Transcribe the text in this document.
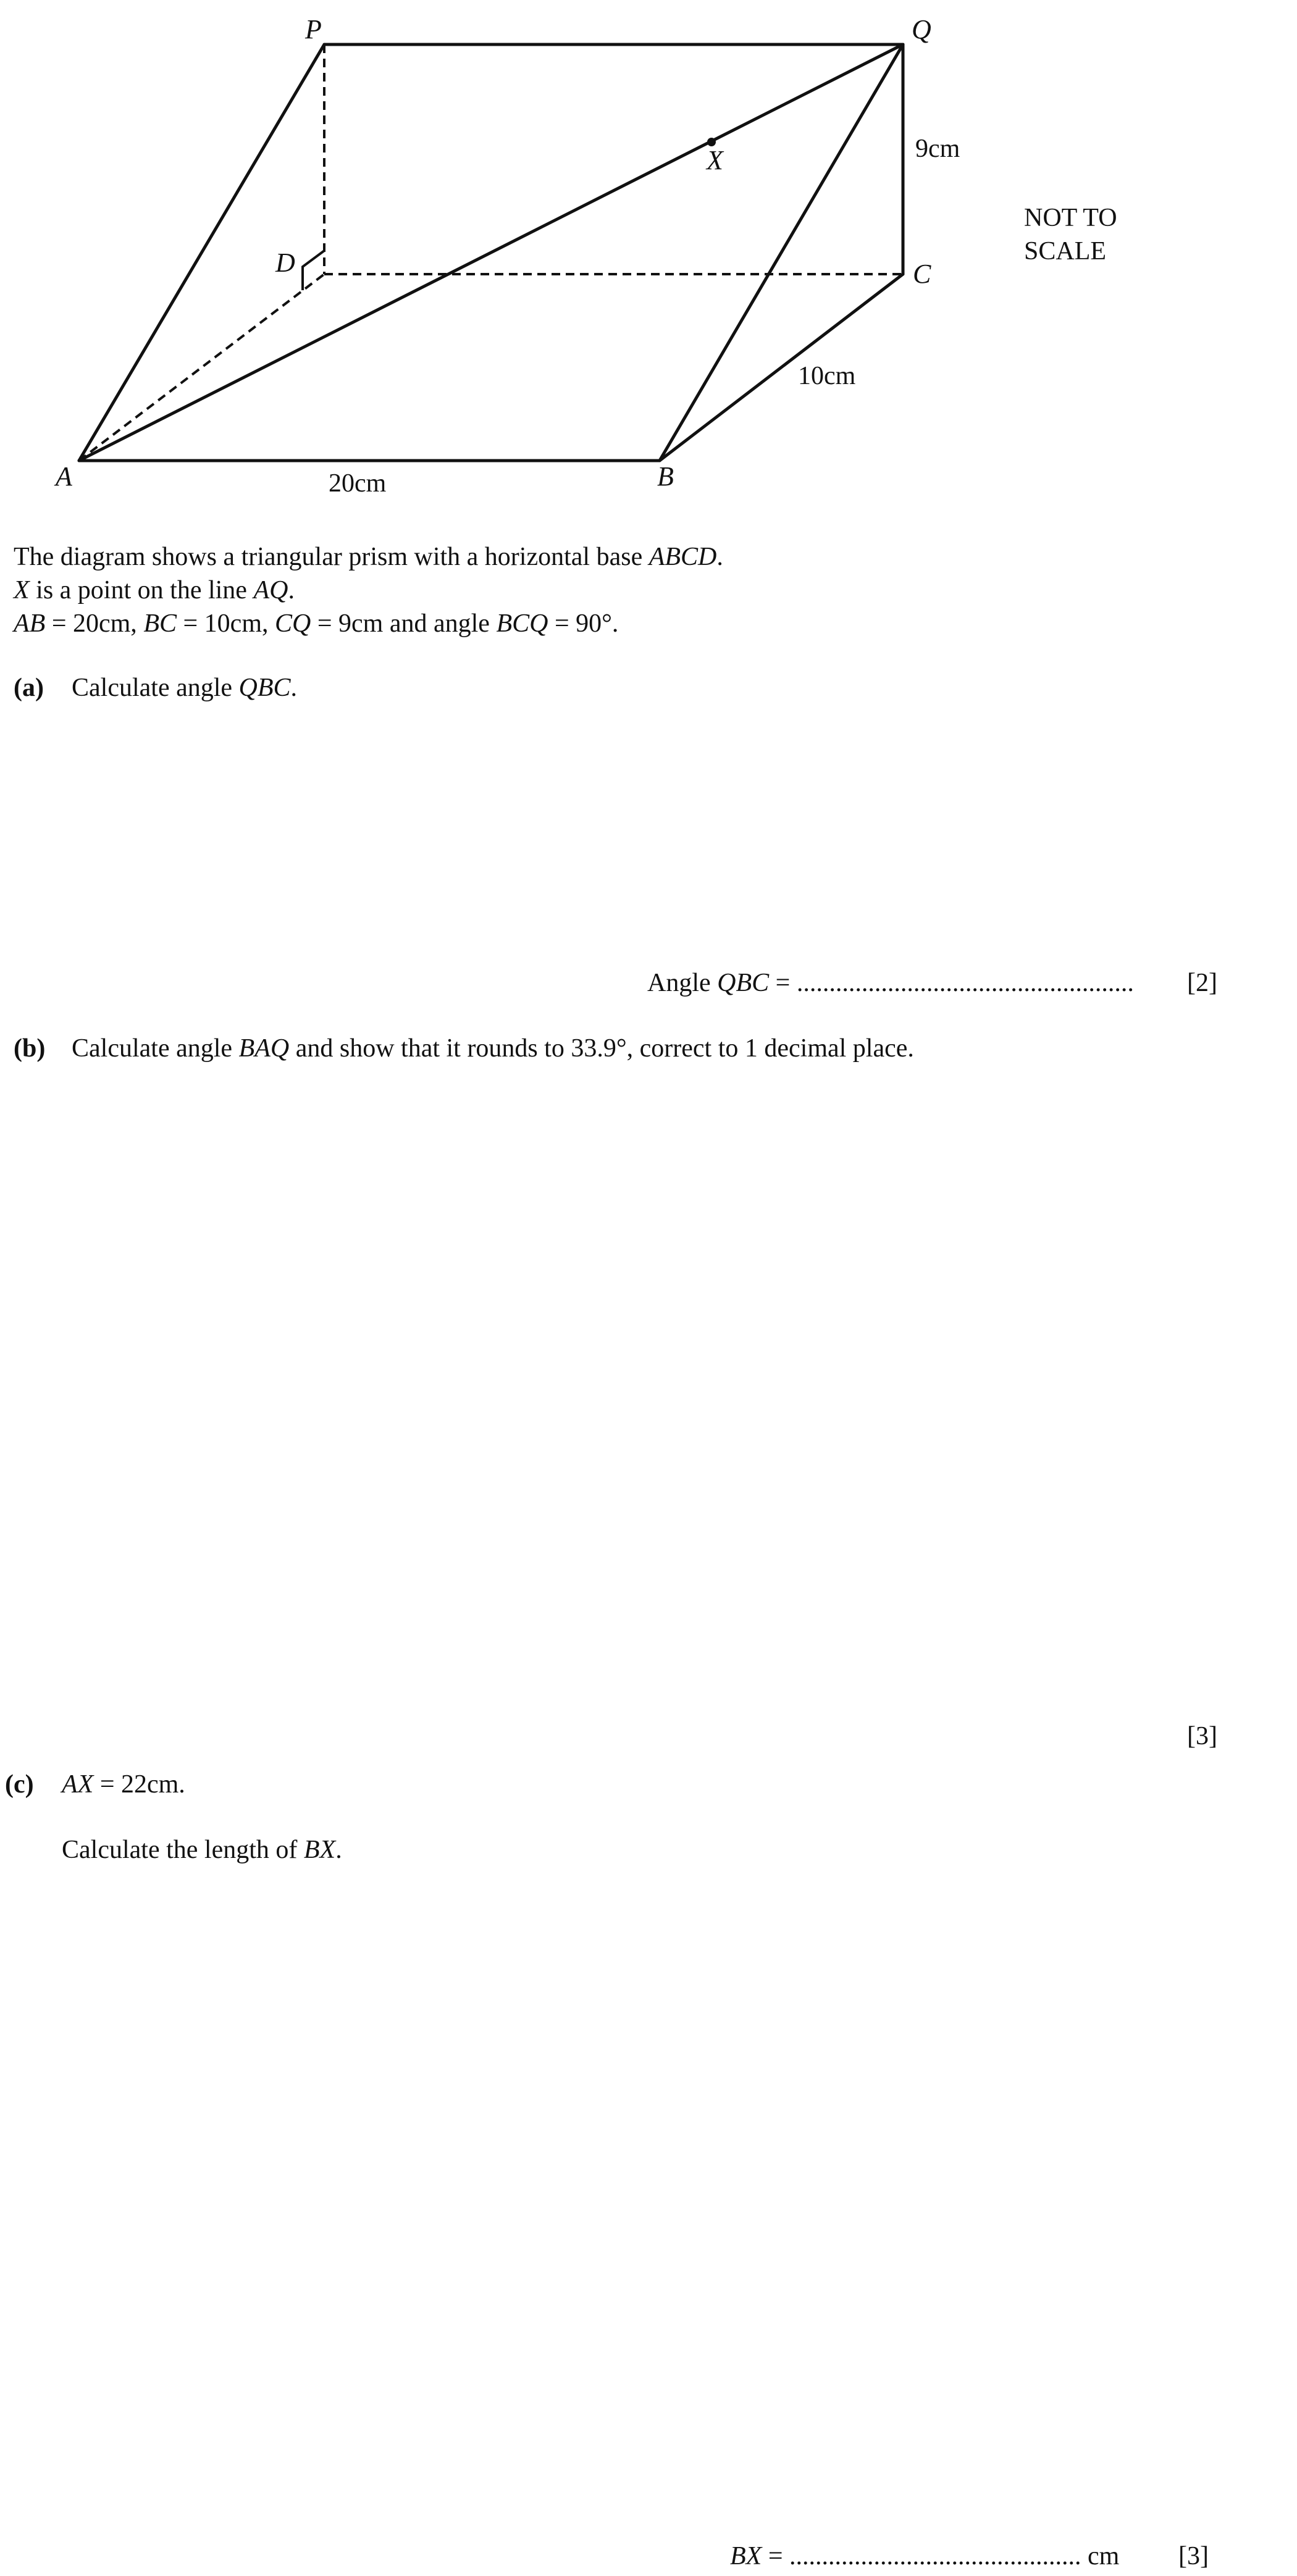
P	Q
D	C
A	B
X	9cm
10cm
20cm
NOT TO
SCALE
The diagram shows a triangular prism with a horizontal base ABCD.
X is a point on the line AQ.
AB = 20cm, BC = 10cm, CQ = 9cm and angle BCQ = 90°.
(a) Calculate angle QBC.
Angle QBC = .................................................... [2]
(b) Calculate angle BAQ and show that it rounds to 33.9°, correct to 1 decimal place.
[3]
(c) AX = 22cm.
Calculate the length of BX.
BX = ............................................. cm [3]
